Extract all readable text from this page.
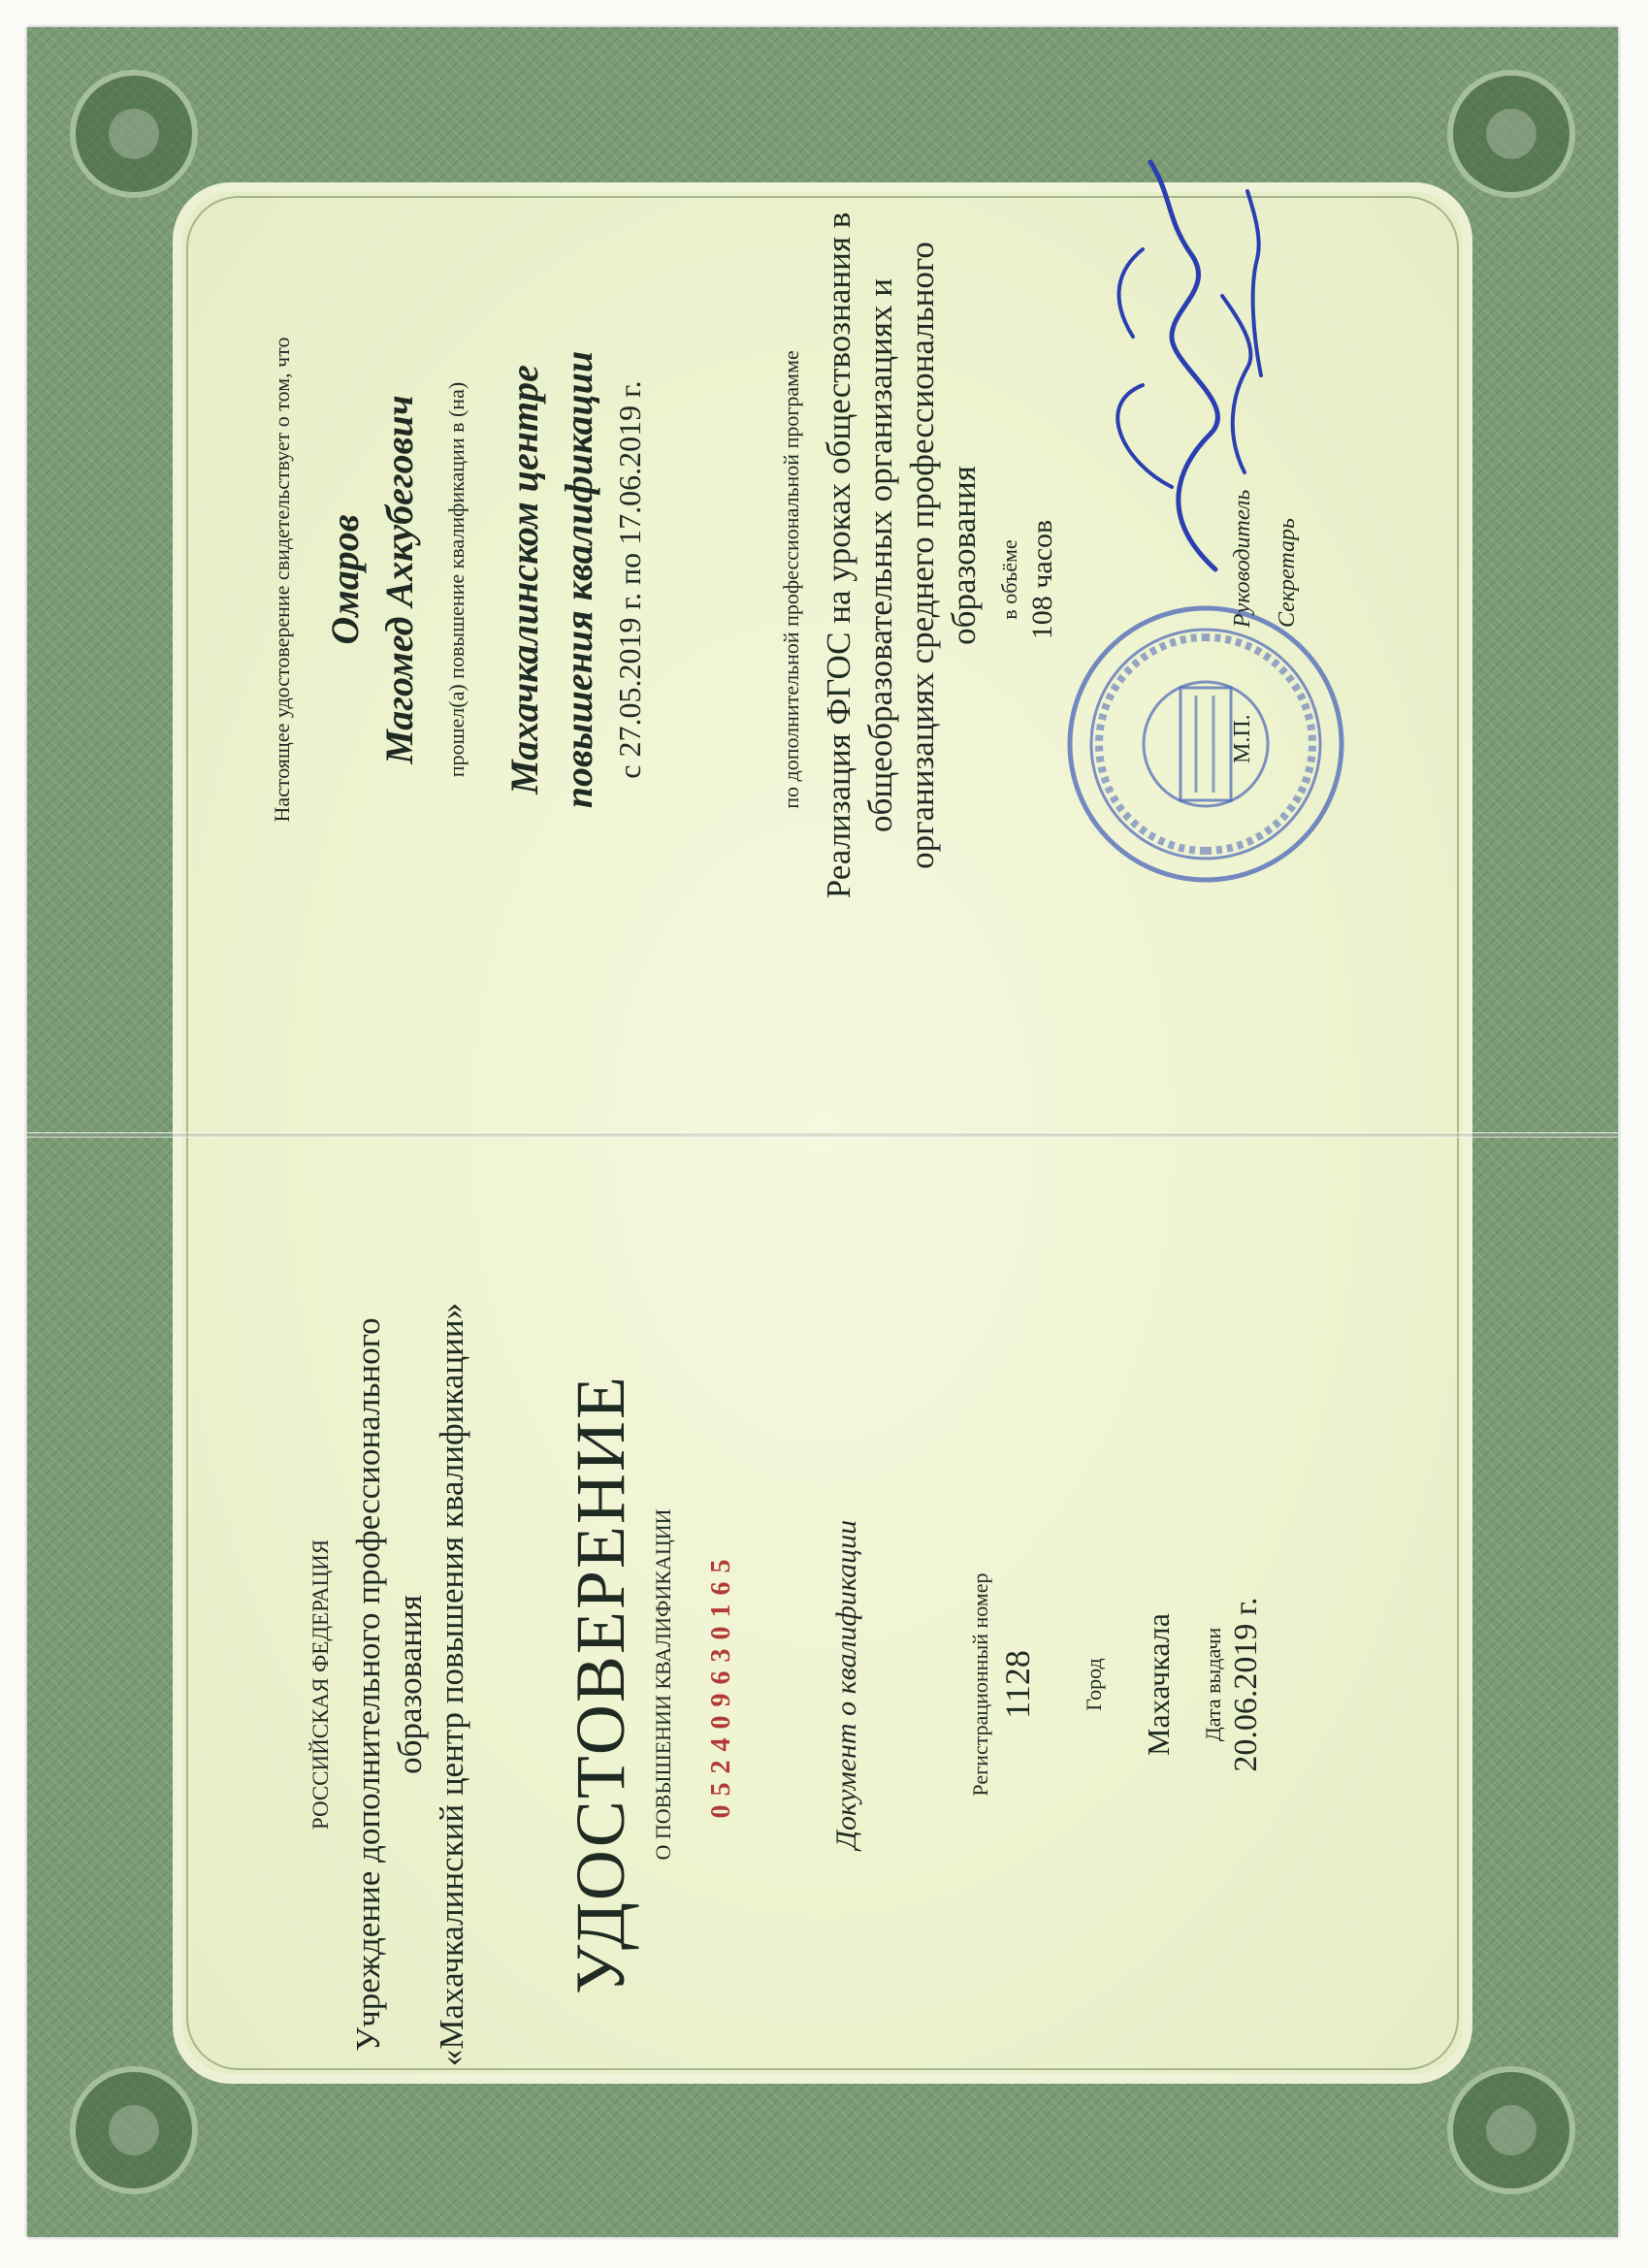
РОССИЙСКАЯ ФЕДЕРАЦИЯ Учреждение дополнительного профессионального образования «Махачкалинский центр повышения квалификации» УДОСТОВЕРЕНИЕ О ПОВЫШЕНИИ КВАЛИФИКАЦИИ 052409630165	Документ о квалификации	Регистрационный номер 1128 Город Махачкала Дата выдачи 20.06.2019 г.
Настоящее удостоверение свидетельствует о том, что Омаров Магомед Ахкубегович прошел(а) повышение квалификации в (на) Махачкалинском центре повышения квалификации с 27.05.2019 г. по 17.06.2019 г.	по дополнительной профессиональной программе Реализация ФГОС на уроках обществознания в общеобразовательных организациях и организациях среднего профессионального образования в объёме 108 часов
М.П.
Руководитель Секретарь
